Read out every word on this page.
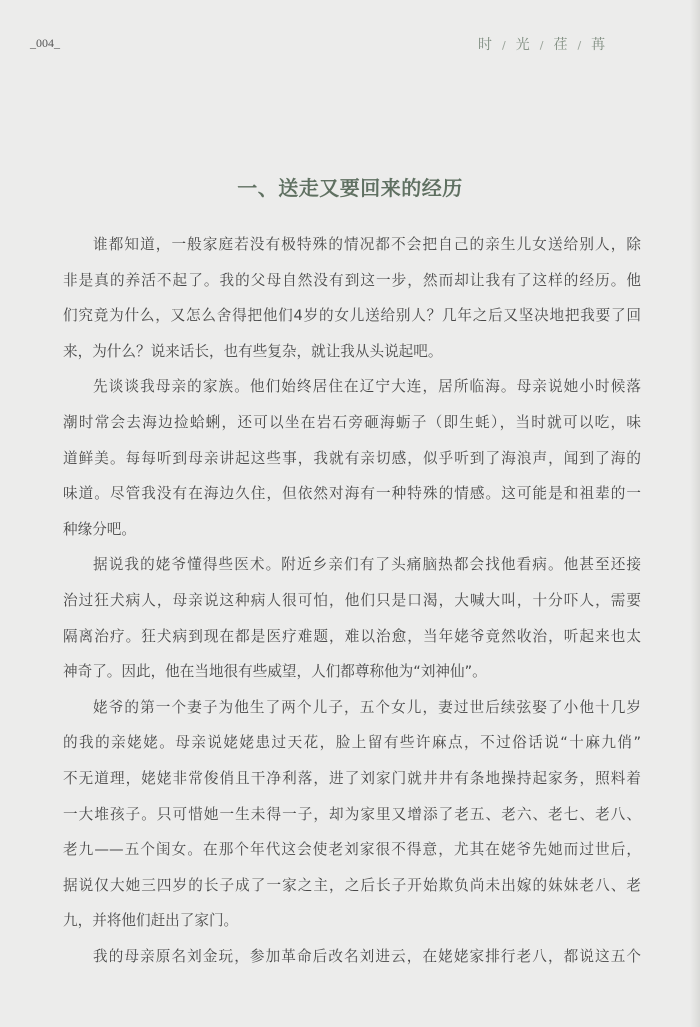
_004_	时 / 光 / 荏 / 苒
一、送走又要回来的经历
谁都知道，一般家庭若没有极特殊的情况都不会把自己的亲生儿女送给别人，除
非是真的养活不起了。我的父母自然没有到这一步，然而却让我有了这样的经历。他
们究竟为什么，又怎么舍得把他们4岁的女儿送给别人？几年之后又坚决地把我要了回
来，为什么？说来话长，也有些复杂，就让我从头说起吧。
先谈谈我母亲的家族。他们始终居住在辽宁大连，居所临海。母亲说她小时候落
潮时常会去海边捡蛤蜊，还可以坐在岩石旁砸海蛎子（即生蚝），当时就可以吃，味
道鲜美。每每听到母亲讲起这些事，我就有亲切感，似乎听到了海浪声，闻到了海的
味道。尽管我没有在海边久住，但依然对海有一种特殊的情感。这可能是和祖辈的一
种缘分吧。
据说我的姥爷懂得些医术。附近乡亲们有了头痛脑热都会找他看病。他甚至还接
治过狂犬病人，母亲说这种病人很可怕，他们只是口渴，大喊大叫，十分吓人，需要
隔离治疗。狂犬病到现在都是医疗难题，难以治愈，当年姥爷竟然收治，听起来也太
神奇了。因此，他在当地很有些威望，人们都尊称他为“刘神仙”。
姥爷的第一个妻子为他生了两个儿子，五个女儿，妻过世后续弦娶了小他十几岁
的我的亲姥姥。母亲说姥姥患过天花，脸上留有些许麻点，不过俗话说“十麻九俏”
不无道理，姥姥非常俊俏且干净利落，进了刘家门就井井有条地操持起家务，照料着
一大堆孩子。只可惜她一生未得一子，却为家里又增添了老五、老六、老七、老八、
老九——五个闺女。在那个年代这会使老刘家很不得意，尤其在姥爷先她而过世后，
据说仅大她三四岁的长子成了一家之主，之后长子开始欺负尚未出嫁的妹妹老八、老
九，并将他们赶出了家门。
我的母亲原名刘金玩，参加革命后改名刘进云，在姥姥家排行老八，都说这五个
